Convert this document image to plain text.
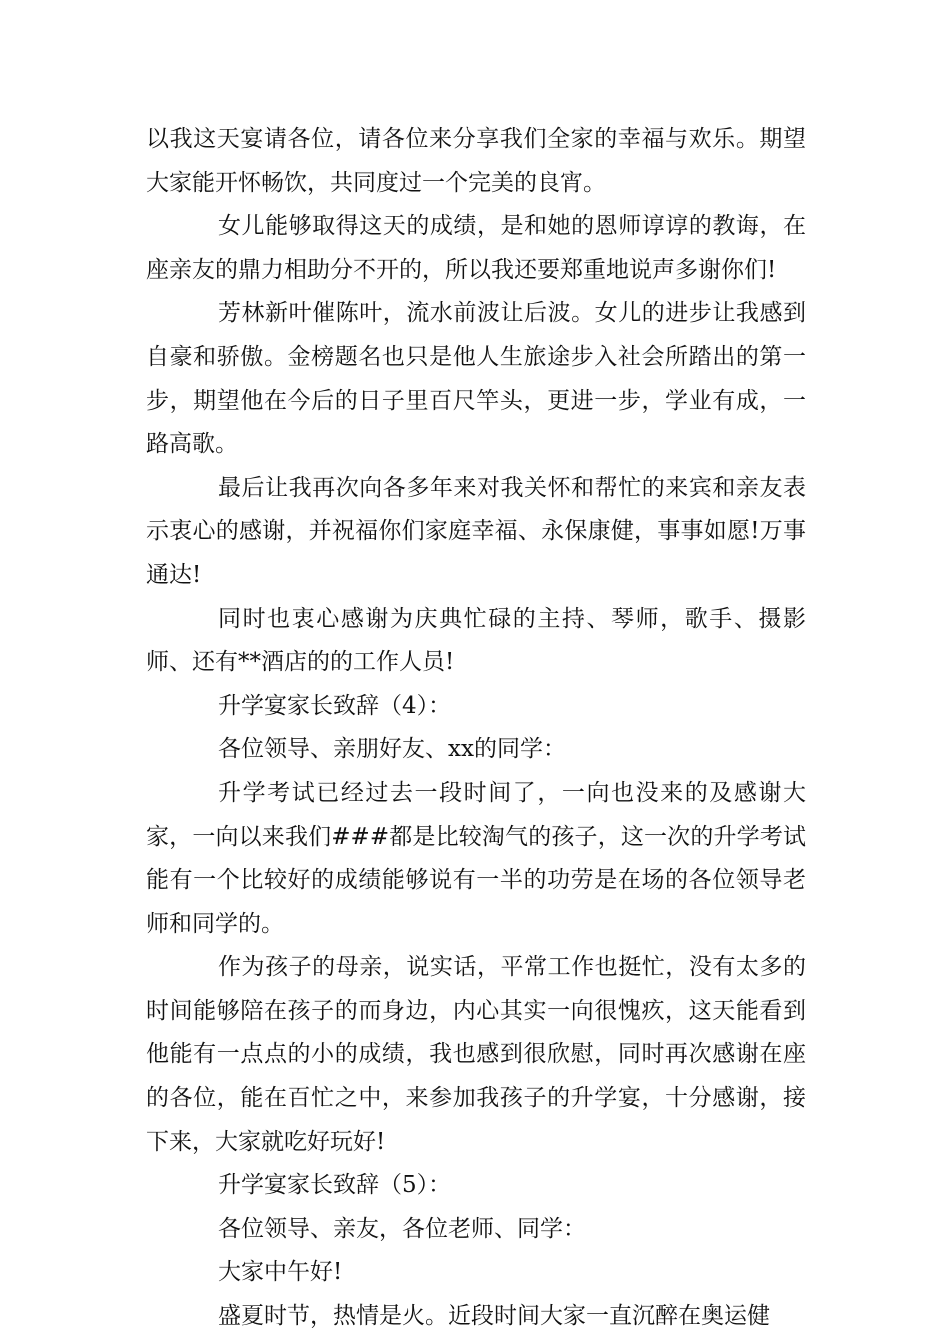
以我这天宴请各位，请各位来分享我们全家的幸福与欢乐。期望大家能开怀畅饮，共同度过一个完美的良宵。

女儿能够取得这天的成绩，是和她的恩师谆谆的教诲，在座亲友的鼎力相助分不开的，所以我还要郑重地说声多谢你们!

芳林新叶催陈叶，流水前波让后波。女儿的进步让我感到自豪和骄傲。金榜题名也只是他人生旅途步入社会所踏出的第一步，期望他在今后的日子里百尺竿头，更进一步，学业有成，一路高歌。

最后让我再次向各多年来对我关怀和帮忙的来宾和亲友表示衷心的感谢，并祝福你们家庭幸福、永保康健，事事如愿!万事通达!

同时也衷心感谢为庆典忙碌的主持、琴师，歌手、摄影师、还有**酒店的的工作人员!

升学宴家长致辞（4）：

各位领导、亲朋好友、xx的同学：

升学考试已经过去一段时间了，一向也没来的及感谢大家，一向以来我们###都是比较淘气的孩子，这一次的升学考试能有一个比较好的成绩能够说有一半的功劳是在场的各位领导老师和同学的。

作为孩子的母亲，说实话，平常工作也挺忙，没有太多的时间能够陪在孩子的而身边，内心其实一向很愧疚，这天能看到他能有一点点的小的成绩，我也感到很欣慰，同时再次感谢在座的各位，能在百忙之中，来参加我孩子的升学宴，十分感谢，接下来，大家就吃好玩好!

升学宴家长致辞（5）：

各位领导、亲友，各位老师、同学：

大家中午好!

盛夏时节，热情是火。近段时间大家一直沉醉在奥运健
